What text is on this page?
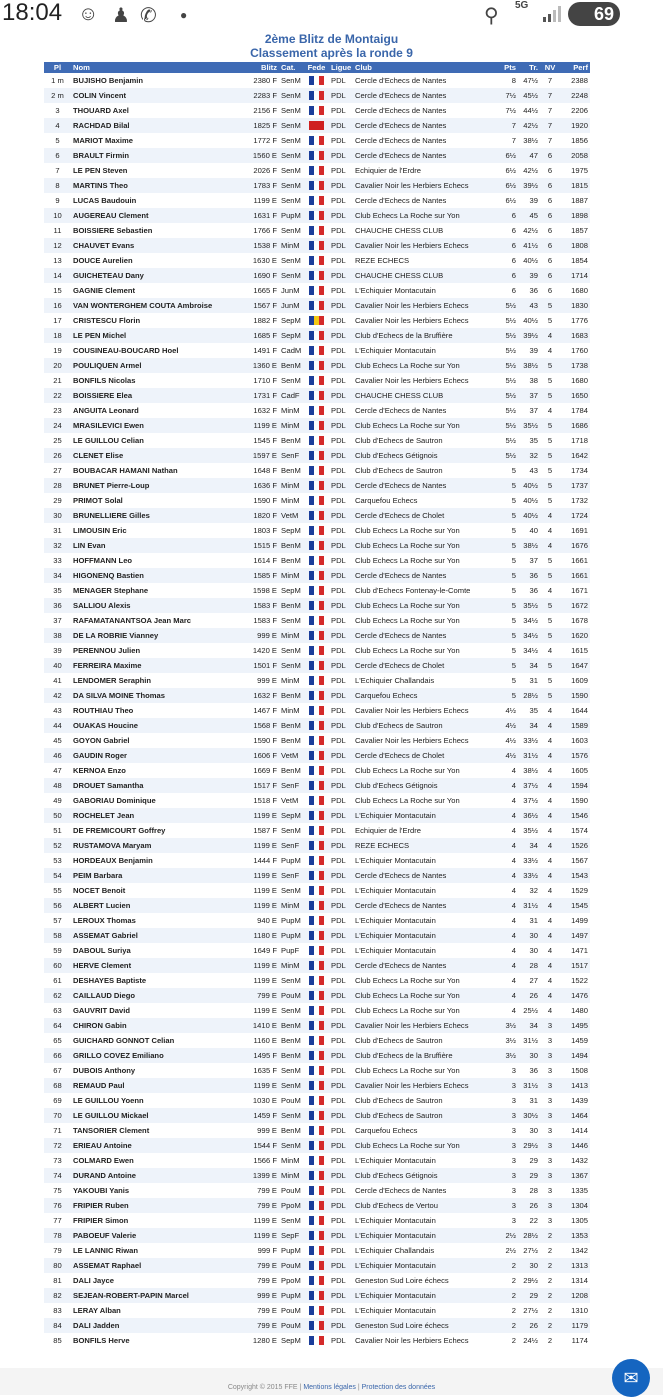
18:04 ☺ ♟ ✆ ●	⚲ 5G	69
2ème Blitz de Montaigu
Classement après la ronde 9
Pl	Nom	Blitz	Cat.	Fede	Ligue	Club	Pts	Tr.	NV	Perf
1 m	BUJISHO Benjamin	2380 F	SenM		PDL	Cercle d'Echecs de Nantes	8	47½	7	2388
2 m	COLIN Vincent	2283 F	SenM		PDL	Cercle d'Echecs de Nantes	7½	45½	7	2248
3	THOUARD Axel	2156 F	SenM		PDL	Cercle d'Echecs de Nantes	7½	44½	7	2206
4	RACHDAD Bilal	1825 F	SenM		PDL	Cercle d'Echecs de Nantes	7	42½	7	1920
5	MARIOT Maxime	1772 F	SenM		PDL	Cercle d'Echecs de Nantes	7	38½	7	1856
6	BRAULT Firmin	1560 E	SenM		PDL	Cercle d'Echecs de Nantes	6½	47	6	2058
7	LE PEN Steven	2026 F	SenM		PDL	Echiquier de l'Erdre	6½	42½	6	1975
8	MARTINS Theo	1783 F	SenM		PDL	Cavalier Noir les Herbiers Echecs	6½	39½	6	1815
9	LUCAS Baudouin	1199 E	SenM		PDL	Cercle d'Echecs de Nantes	6½	39	6	1887
10	AUGEREAU Clement	1631 F	PupM		PDL	Club Echecs La Roche sur Yon	6	45	6	1898
11	BOISSIERE Sebastien	1766 F	SenM		PDL	CHAUCHE CHESS CLUB	6	42½	6	1857
12	CHAUVET Evans	1538 F	MinM		PDL	Cavalier Noir les Herbiers Echecs	6	41½	6	1808
13	DOUCE Aurelien	1630 E	SenM		PDL	REZE ECHECS	6	40½	6	1854
14	GUICHETEAU Dany	1690 F	SenM		PDL	CHAUCHE CHESS CLUB	6	39	6	1714
15	GAGNIE Clement	1665 F	JunM		PDL	L'Echiquier Montacutain	6	36	6	1680
16	VAN WONTERGHEM COUTA Ambroise	1567 F	JunM		PDL	Cavalier Noir les Herbiers Echecs	5½	43	5	1830
17	CRISTESCU Florin	1882 F	SepM		PDL	Cavalier Noir les Herbiers Echecs	5½	40½	5	1776
18	LE PEN Michel	1685 F	SepM		PDL	Club d'Echecs de la Bruffière	5½	39½	4	1683
19	COUSINEAU-BOUCARD Hoel	1491 F	CadM		PDL	L'Echiquier Montacutain	5½	39	4	1760
20	POULIQUEN Armel	1360 E	BenM		PDL	Club Echecs La Roche sur Yon	5½	38½	5	1738
21	BONFILS Nicolas	1710 F	SenM		PDL	Cavalier Noir les Herbiers Echecs	5½	38	5	1680
22	BOISSIERE Elea	1731 F	CadF		PDL	CHAUCHE CHESS CLUB	5½	37	5	1650
23	ANGUITA Leonard	1632 F	MinM		PDL	Cercle d'Echecs de Nantes	5½	37	4	1784
24	MRASILEVICI Ewen	1199 E	MinM		PDL	Club Echecs La Roche sur Yon	5½	35½	5	1686
25	LE GUILLOU Celian	1545 F	BenM		PDL	Club d'Echecs de Sautron	5½	35	5	1718
26	CLENET Elise	1597 E	SenF		PDL	Club d'Echecs Gétignois	5½	32	5	1642
27	BOUBACAR HAMANI Nathan	1648 F	BenM		PDL	Club d'Echecs de Sautron	5	43	5	1734
28	BRUNET Pierre-Loup	1636 F	MinM		PDL	Cercle d'Echecs de Nantes	5	40½	5	1737
29	PRIMOT Solal	1590 F	MinM		PDL	Carquefou Echecs	5	40½	5	1732
30	BRUNELLIERE Gilles	1820 F	VetM		PDL	Cercle d'Echecs de Cholet	5	40½	4	1724
31	LIMOUSIN Eric	1803 F	SepM		PDL	Club Echecs La Roche sur Yon	5	40	4	1691
32	LIN Evan	1515 F	BenM		PDL	Club Echecs La Roche sur Yon	5	38½	4	1676
33	HOFFMANN Leo	1614 F	BenM		PDL	Club Echecs La Roche sur Yon	5	37	5	1661
34	HIGONENQ Bastien	1585 F	MinM		PDL	Cercle d'Echecs de Nantes	5	36	5	1661
35	MENAGER Stephane	1598 E	SepM		PDL	Club d'Echecs Fontenay-le-Comte	5	36	4	1671
36	SALLIOU Alexis	1583 F	BenM		PDL	Club Echecs La Roche sur Yon	5	35½	5	1672
37	RAFAMATANANTSOA Jean Marc	1583 F	SenM		PDL	Club Echecs La Roche sur Yon	5	34½	5	1678
38	DE LA ROBRIE Vianney	999 E	MinM		PDL	Cercle d'Echecs de Nantes	5	34½	5	1620
39	PERENNOU Julien	1420 E	SenM		PDL	Club Echecs La Roche sur Yon	5	34½	4	1615
40	FERREIRA Maxime	1501 F	SenM		PDL	Cercle d'Echecs de Cholet	5	34	5	1647
41	LENDOMER Seraphin	999 E	MinM		PDL	L'Echiquier Challandais	5	31	5	1609
42	DA SILVA MOINE Thomas	1632 F	BenM		PDL	Carquefou Echecs	5	28½	5	1590
43	ROUTHIAU Theo	1467 F	MinM		PDL	Cavalier Noir les Herbiers Echecs	4½	35	4	1644
44	OUAKAS Houcine	1568 F	BenM		PDL	Club d'Echecs de Sautron	4½	34	4	1589
45	GOYON Gabriel	1590 F	BenM		PDL	Cavalier Noir les Herbiers Echecs	4½	33½	4	1603
46	GAUDIN Roger	1606 F	VetM		PDL	Cercle d'Echecs de Cholet	4½	31½	4	1576
47	KERNOA Enzo	1669 F	BenM		PDL	Club Echecs La Roche sur Yon	4	38½	4	1605
48	DROUET Samantha	1517 F	SenF		PDL	Club d'Echecs Gétignois	4	37½	4	1594
49	GABORIAU Dominique	1518 F	VetM		PDL	Club Echecs La Roche sur Yon	4	37½	4	1590
50	ROCHELET Jean	1199 E	SepM		PDL	L'Echiquier Montacutain	4	36½	4	1546
51	DE FREMICOURT Goffrey	1587 F	SenM		PDL	Echiquier de l'Erdre	4	35½	4	1574
52	RUSTAMOVA Maryam	1199 E	SenF		PDL	REZE ECHECS	4	34	4	1526
53	HORDEAUX Benjamin	1444 F	PupM		PDL	L'Echiquier Montacutain	4	33½	4	1567
54	PEIM Barbara	1199 E	SenF		PDL	Cercle d'Echecs de Nantes	4	33½	4	1543
55	NOCET Benoit	1199 E	SenM		PDL	L'Echiquier Montacutain	4	32	4	1529
56	ALBERT Lucien	1199 E	MinM		PDL	Cercle d'Echecs de Nantes	4	31½	4	1545
57	LEROUX Thomas	940 E	PupM		PDL	L'Echiquier Montacutain	4	31	4	1499
58	ASSEMAT Gabriel	1180 E	PupM		PDL	L'Echiquier Montacutain	4	30	4	1497
59	DABOUL Suriya	1649 F	PupF		PDL	L'Echiquier Montacutain	4	30	4	1471
60	HERVE Clement	1199 E	MinM		PDL	Cercle d'Echecs de Nantes	4	28	4	1517
61	DESHAYES Baptiste	1199 E	SenM		PDL	Club Echecs La Roche sur Yon	4	27	4	1522
62	CAILLAUD Diego	799 E	PouM		PDL	Club Echecs La Roche sur Yon	4	26	4	1476
63	GAUVRIT David	1199 E	SenM		PDL	Club Echecs La Roche sur Yon	4	25½	4	1480
64	CHIRON Gabin	1410 E	BenM		PDL	Cavalier Noir les Herbiers Echecs	3½	34	3	1495
65	GUICHARD GONNOT Celian	1160 E	BenM		PDL	Club d'Echecs de Sautron	3½	31½	3	1459
66	GRILLO COVEZ Emiliano	1495 F	BenM		PDL	Club d'Echecs de la Bruffière	3½	30	3	1494
67	DUBOIS Anthony	1635 F	SenM		PDL	Club Echecs La Roche sur Yon	3	36	3	1508
68	REMAUD Paul	1199 E	SenM		PDL	Cavalier Noir les Herbiers Echecs	3	31½	3	1413
69	LE GUILLOU Yoenn	1030 E	PouM		PDL	Club d'Echecs de Sautron	3	31	3	1439
70	LE GUILLOU Mickael	1459 F	SenM		PDL	Club d'Echecs de Sautron	3	30½	3	1464
71	TANSORIER Clement	999 E	BenM		PDL	Carquefou Echecs	3	30	3	1414
72	ERIEAU Antoine	1544 F	SenM		PDL	Club Echecs La Roche sur Yon	3	29½	3	1446
73	COLMARD Ewen	1566 F	MinM		PDL	L'Echiquier Montacutain	3	29	3	1432
74	DURAND Antoine	1399 E	MinM		PDL	Club d'Echecs Gétignois	3	29	3	1367
75	YAKOUBI Yanis	799 E	PouM		PDL	Cercle d'Echecs de Nantes	3	28	3	1335
76	FRIPIER Ruben	799 E	PpoM		PDL	Club d'Echecs de Vertou	3	26	3	1304
77	FRIPIER Simon	1199 E	SenM		PDL	L'Echiquier Montacutain	3	22	3	1305
78	PABOEUF Valerie	1199 E	SepF		PDL	L'Echiquier Montacutain	2½	28½	2	1353
79	LE LANNIC Riwan	999 F	PupM		PDL	L'Echiquier Challandais	2½	27½	2	1342
80	ASSEMAT Raphael	799 E	PouM		PDL	L'Echiquier Montacutain	2	30	2	1313
81	DALI Jayce	799 E	PpoM		PDL	Geneston Sud Loire échecs	2	29½	2	1314
82	SEJEAN-ROBERT-PAPIN Marcel	999 E	PupM		PDL	L'Echiquier Montacutain	2	29	2	1208
83	LERAY Alban	799 E	PouM		PDL	L'Echiquier Montacutain	2	27½	2	1310
84	DALI Jadden	799 E	PouM		PDL	Geneston Sud Loire échecs	2	26	2	1179
85	BONFILS Herve	1280 E	SepM		PDL	Cavalier Noir les Herbiers Echecs	2	24½	2	1174
Copyright © 2015 FFE | Mentions légales | Protection des données	✉
